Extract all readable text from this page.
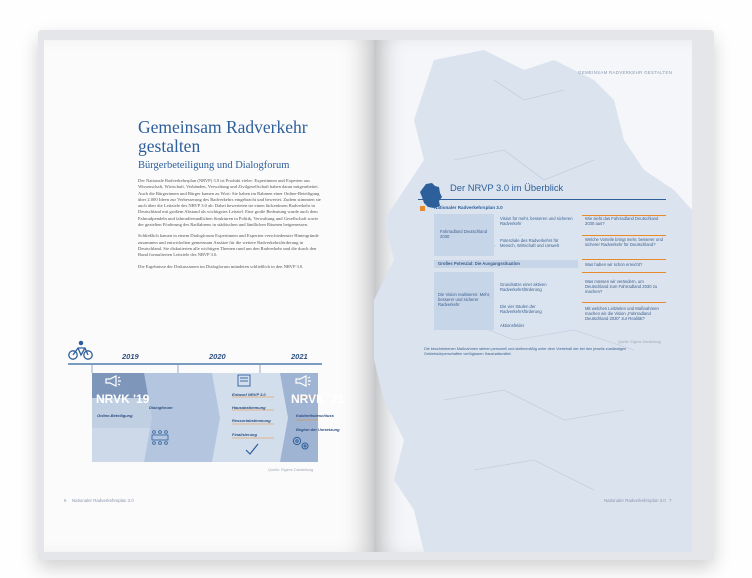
Gemeinsam Radverkehr
gestalten
Bürgerbeteiligung und Dialogforum

Der Nationale Radverkehrsplan (NRVP) 3.0 ist Produkt vieler: Expertinnen und Experten aus Wissenschaft, Wirtschaft, Verbänden, Verwaltung und Zivilgesellschaft haben daran mitgearbeitet. Auch die Bürgerinnen und Bürger kamen zu Wort: Sie haben im Rahmen einer Online-Beteiligung über 2.000 Ideen zur Verbesserung des Radverkehrs eingebracht und bewertet. Zudem stimmten sie auch über die Leitziele des NRVP 3.0 ab: Dabei bewerteten sie einen lückenlosen Radverkehr in Deutschland mit großem Abstand als wichtigstes Leitziel. Eine große Bedeutung wurde auch dem Fahrradpendeln und fahrradfreundlichen Strukturen in Politik, Verwaltung und Gesellschaft sowie der gezielten Förderung des Radfahrens in städtischen und ländlichen Räumen beigemessen.

Schließlich kamen in einem Dialogforum Expertinnen und Experten verschiedenster Hintergründe zusammen und entwickelten gemeinsam Ansätze für die weitere Radverkehrsförderung in Deutschland. Sie diskutierten alle wichtigen Themen rund um den Radverkehr und die durch den Bund formulierten Leitziele des NRVP 3.0.

Die Ergebnisse der Diskussionen im Dialogforum mündeten schließlich in den NRVP 3.0.

2019	2020	2021
NRVK '19
Online-Beteiligung
Dialogforum
Entwurf NRVP 3.0
Hausabstimmung
Ressortabstimmung
Finalisierung
NRVK '21
Kabinettsbeschluss
Beginn der Umsetzung
Quelle: Eigene Darstellung
6 Nationaler Radverkehrsplan 3.0
GEMEINSAM RADVERKEHR GESTALTEN
Der NRVP 3.0 im Überblick
Nationaler Radverkehrsplan 3.0
Fahrradland Deutschland 2030
Vision für mehr, besseren und sicheren Radverkehr
Potenziale des Radverkehrs für Mensch, Wirtschaft und Umwelt
Großes Potenzial: Die Ausgangssituation
Die Vision realisieren: Mehr, besserer und sicherer Radverkehr
Grundsätze einer aktiven Radverkehrsförderung
Die vier Säulen der Radverkehrsförderung
Aktionsfelder
Wie sieht das Fahrradland Deutschland 2030 aus?
Welche Vorteile bringt mehr, besserer und sicherer Radverkehr für Deutschland?
Was haben wir schon erreicht?
Was müssen wir verändern, um Deutschland zum Fahrradland 2030 zu machen?
Mit welchen Leitzielen und Maßnahmen machen wir die Vision „Fahrradland Deutschland 2030“ zur Realität?
Quelle: Eigene Darstellung
Die beschriebenen Maßnahmen stehen personell und stellenmäßig unter dem Vorbehalt der bei den jeweils zuständigen Gebietskörperschaften verfügbaren Haushaltsmittel.
Nationaler Radverkehrsplan 3.0 7
